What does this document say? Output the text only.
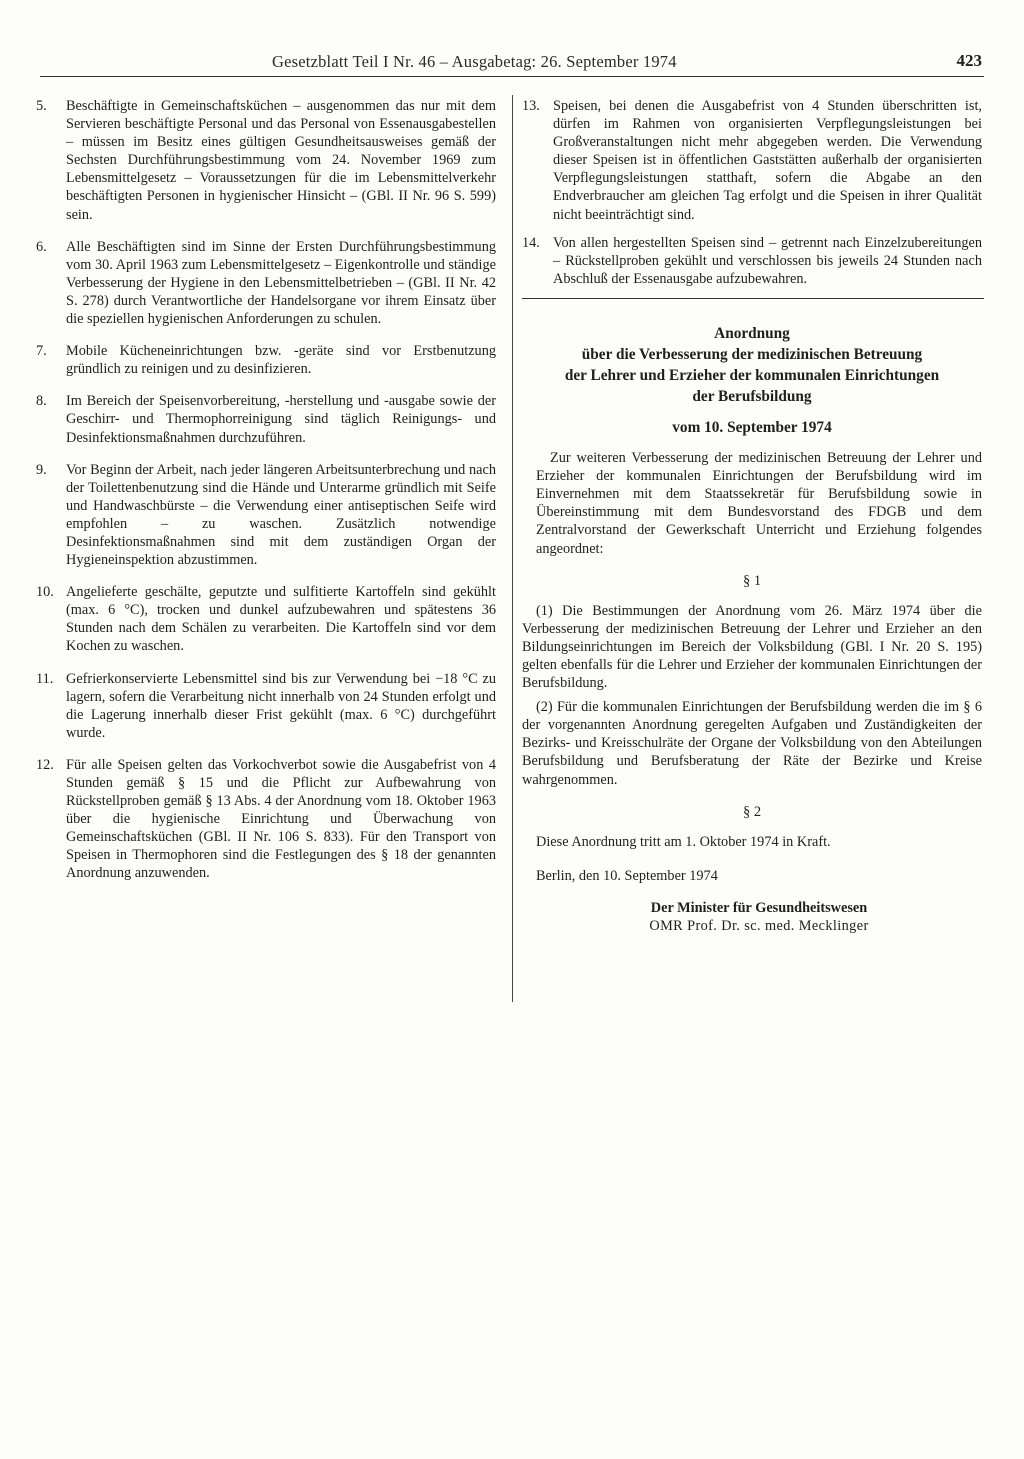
Gesetzblatt Teil I Nr. 46 – Ausgabetag: 26. September 1974	423
5. Beschäftigte in Gemeinschaftsküchen – ausgenommen das nur mit dem Servieren beschäftigte Personal und das Personal von Essenausgabestellen – müssen im Besitz eines gültigen Gesundheitsausweises gemäß der Sechsten Durchführungsbestimmung vom 24. November 1969 zum Lebensmittelgesetz – Voraussetzungen für die im Lebensmittelverkehr beschäftigten Personen in hygienischer Hinsicht – (GBl. II Nr. 96 S. 599) sein.
6. Alle Beschäftigten sind im Sinne der Ersten Durchführungsbestimmung vom 30. April 1963 zum Lebensmittelgesetz – Eigenkontrolle und ständige Verbesserung der Hygiene in den Lebensmittelbetrieben – (GBl. II Nr. 42 S. 278) durch Verantwortliche der Handelsorgane vor ihrem Einsatz über die speziellen hygienischen Anforderungen zu schulen.
7. Mobile Kücheneinrichtungen bzw. -geräte sind vor Erstbenutzung gründlich zu reinigen und zu desinfizieren.
8. Im Bereich der Speisenvorbereitung, -herstellung und -ausgabe sowie der Geschirr- und Thermophorreinigung sind täglich Reinigungs- und Desinfektionsmaßnahmen durchzuführen.
9. Vor Beginn der Arbeit, nach jeder längeren Arbeitsunterbrechung und nach der Toilettenbenutzung sind die Hände und Unterarme gründlich mit Seife und Handwaschbürste – die Verwendung einer antiseptischen Seife wird empfohlen – zu waschen. Zusätzlich notwendige Desinfektionsmaßnahmen sind mit dem zuständigen Organ der Hygieneinspektion abzustimmen.
10. Angelieferte geschälte, geputzte und sulfitierte Kartoffeln sind gekühlt (max. 6 °C), trocken und dunkel aufzubewahren und spätestens 36 Stunden nach dem Schälen zu verarbeiten. Die Kartoffeln sind vor dem Kochen zu waschen.
11. Gefrierkonservierte Lebensmittel sind bis zur Verwendung bei −18 °C zu lagern, sofern die Verarbeitung nicht innerhalb von 24 Stunden erfolgt und die Lagerung innerhalb dieser Frist gekühlt (max. 6 °C) durchgeführt wurde.
12. Für alle Speisen gelten das Vorkochverbot sowie die Ausgabefrist von 4 Stunden gemäß § 15 und die Pflicht zur Aufbewahrung von Rückstellproben gemäß § 13 Abs. 4 der Anordnung vom 18. Oktober 1963 über die hygienische Einrichtung und Überwachung von Gemeinschaftsküchen (GBl. II Nr. 106 S. 833). Für den Transport von Speisen in Thermophoren sind die Festlegungen des § 18 der genannten Anordnung anzuwenden.
13. Speisen, bei denen die Ausgabefrist von 4 Stunden überschritten ist, dürfen im Rahmen von organisierten Verpflegungsleistungen bei Großveranstaltungen nicht mehr abgegeben werden. Die Verwendung dieser Speisen ist in öffentlichen Gaststätten außerhalb der organisierten Verpflegungsleistungen statthaft, sofern die Abgabe an den Endverbraucher am gleichen Tag erfolgt und die Speisen in ihrer Qualität nicht beeinträchtigt sind.
14. Von allen hergestellten Speisen sind – getrennt nach Einzelzubereitungen – Rückstellproben gekühlt und verschlossen bis jeweils 24 Stunden nach Abschluß der Essenausgabe aufzubewahren.
Anordnung
über die Verbesserung der medizinischen Betreuung
der Lehrer und Erzieher der kommunalen Einrichtungen
der Berufsbildung
vom 10. September 1974
Zur weiteren Verbesserung der medizinischen Betreuung der Lehrer und Erzieher der kommunalen Einrichtungen der Berufsbildung wird im Einvernehmen mit dem Staatssekretär für Berufsbildung sowie in Übereinstimmung mit dem Bundesvorstand des FDGB und dem Zentralvorstand der Gewerkschaft Unterricht und Erziehung folgendes angeordnet:
§ 1
(1) Die Bestimmungen der Anordnung vom 26. März 1974 über die Verbesserung der medizinischen Betreuung der Lehrer und Erzieher an den Bildungseinrichtungen im Bereich der Volksbildung (GBl. I Nr. 20 S. 195) gelten ebenfalls für die Lehrer und Erzieher der kommunalen Einrichtungen der Berufsbildung.
(2) Für die kommunalen Einrichtungen der Berufsbildung werden die im § 6 der vorgenannten Anordnung geregelten Aufgaben und Zuständigkeiten der Bezirks- und Kreisschulräte der Organe der Volksbildung von den Abteilungen Berufsbildung und Berufsberatung der Räte der Bezirke und Kreise wahrgenommen.
§ 2
Diese Anordnung tritt am 1. Oktober 1974 in Kraft.
Berlin, den 10. September 1974
Der Minister für Gesundheitswesen
OMR Prof. Dr. sc. med. Mecklinger
